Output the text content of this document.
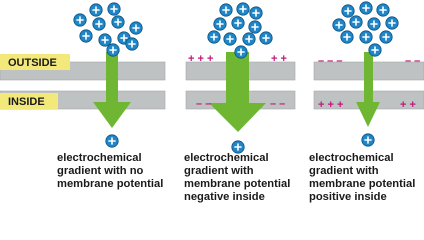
OUTSIDE
INSIDE
+ + +	+ +
– –	– –
– – –	– –
+ + +	+ +

electrochemical
gradient with no
membrane potential

electrochemical
gradient with
membrane potential
negative inside

electrochemical
gradient with
membrane potential
positive inside
